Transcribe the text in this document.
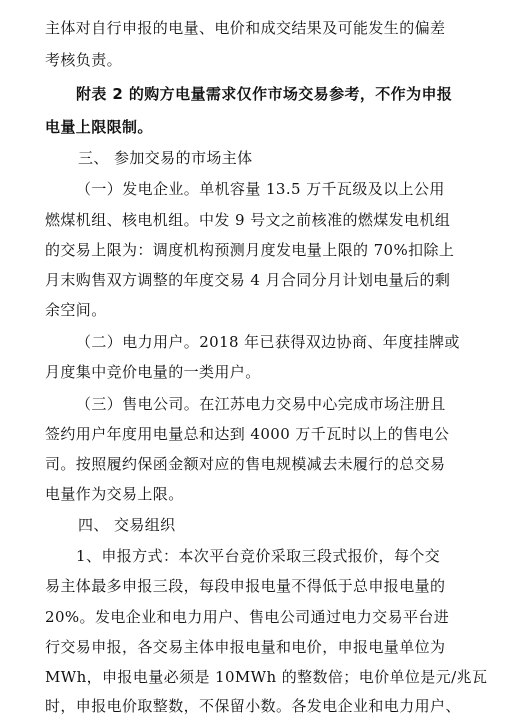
主体对自行申报的电量、电价和成交结果及可能发生的偏差
考核负责。
附表 2 的购方电量需求仅作市场交易参考，不作为申报
电量上限限制。
三、 参加交易的市场主体
（一）发电企业。单机容量 13.5 万千瓦级及以上公用
燃煤机组、核电机组。中发 9 号文之前核准的燃煤发电机组
的交易上限为：调度机构预测月度发电量上限的 70%扣除上
月末购售双方调整的年度交易 4 月合同分月计划电量后的剩
余空间。
（二）电力用户。2018 年已获得双边协商、年度挂牌或
月度集中竞价电量的一类用户。
（三）售电公司。在江苏电力交易中心完成市场注册且
签约用户年度用电量总和达到 4000 万千瓦时以上的售电公
司。按照履约保函金额对应的售电规模减去未履行的总交易
电量作为交易上限。
四、 交易组织
1、申报方式：本次平台竞价采取三段式报价，每个交
易主体最多申报三段，每段申报电量不得低于总申报电量的
20%。发电企业和电力用户、售电公司通过电力交易平台进
行交易申报，各交易主体申报电量和电价，申报电量单位为
MWh，申报电量必须是 10MWh 的整数倍；电价单位是元/兆瓦
时，申报电价取整数，不保留小数。各发电企业和电力用户、
